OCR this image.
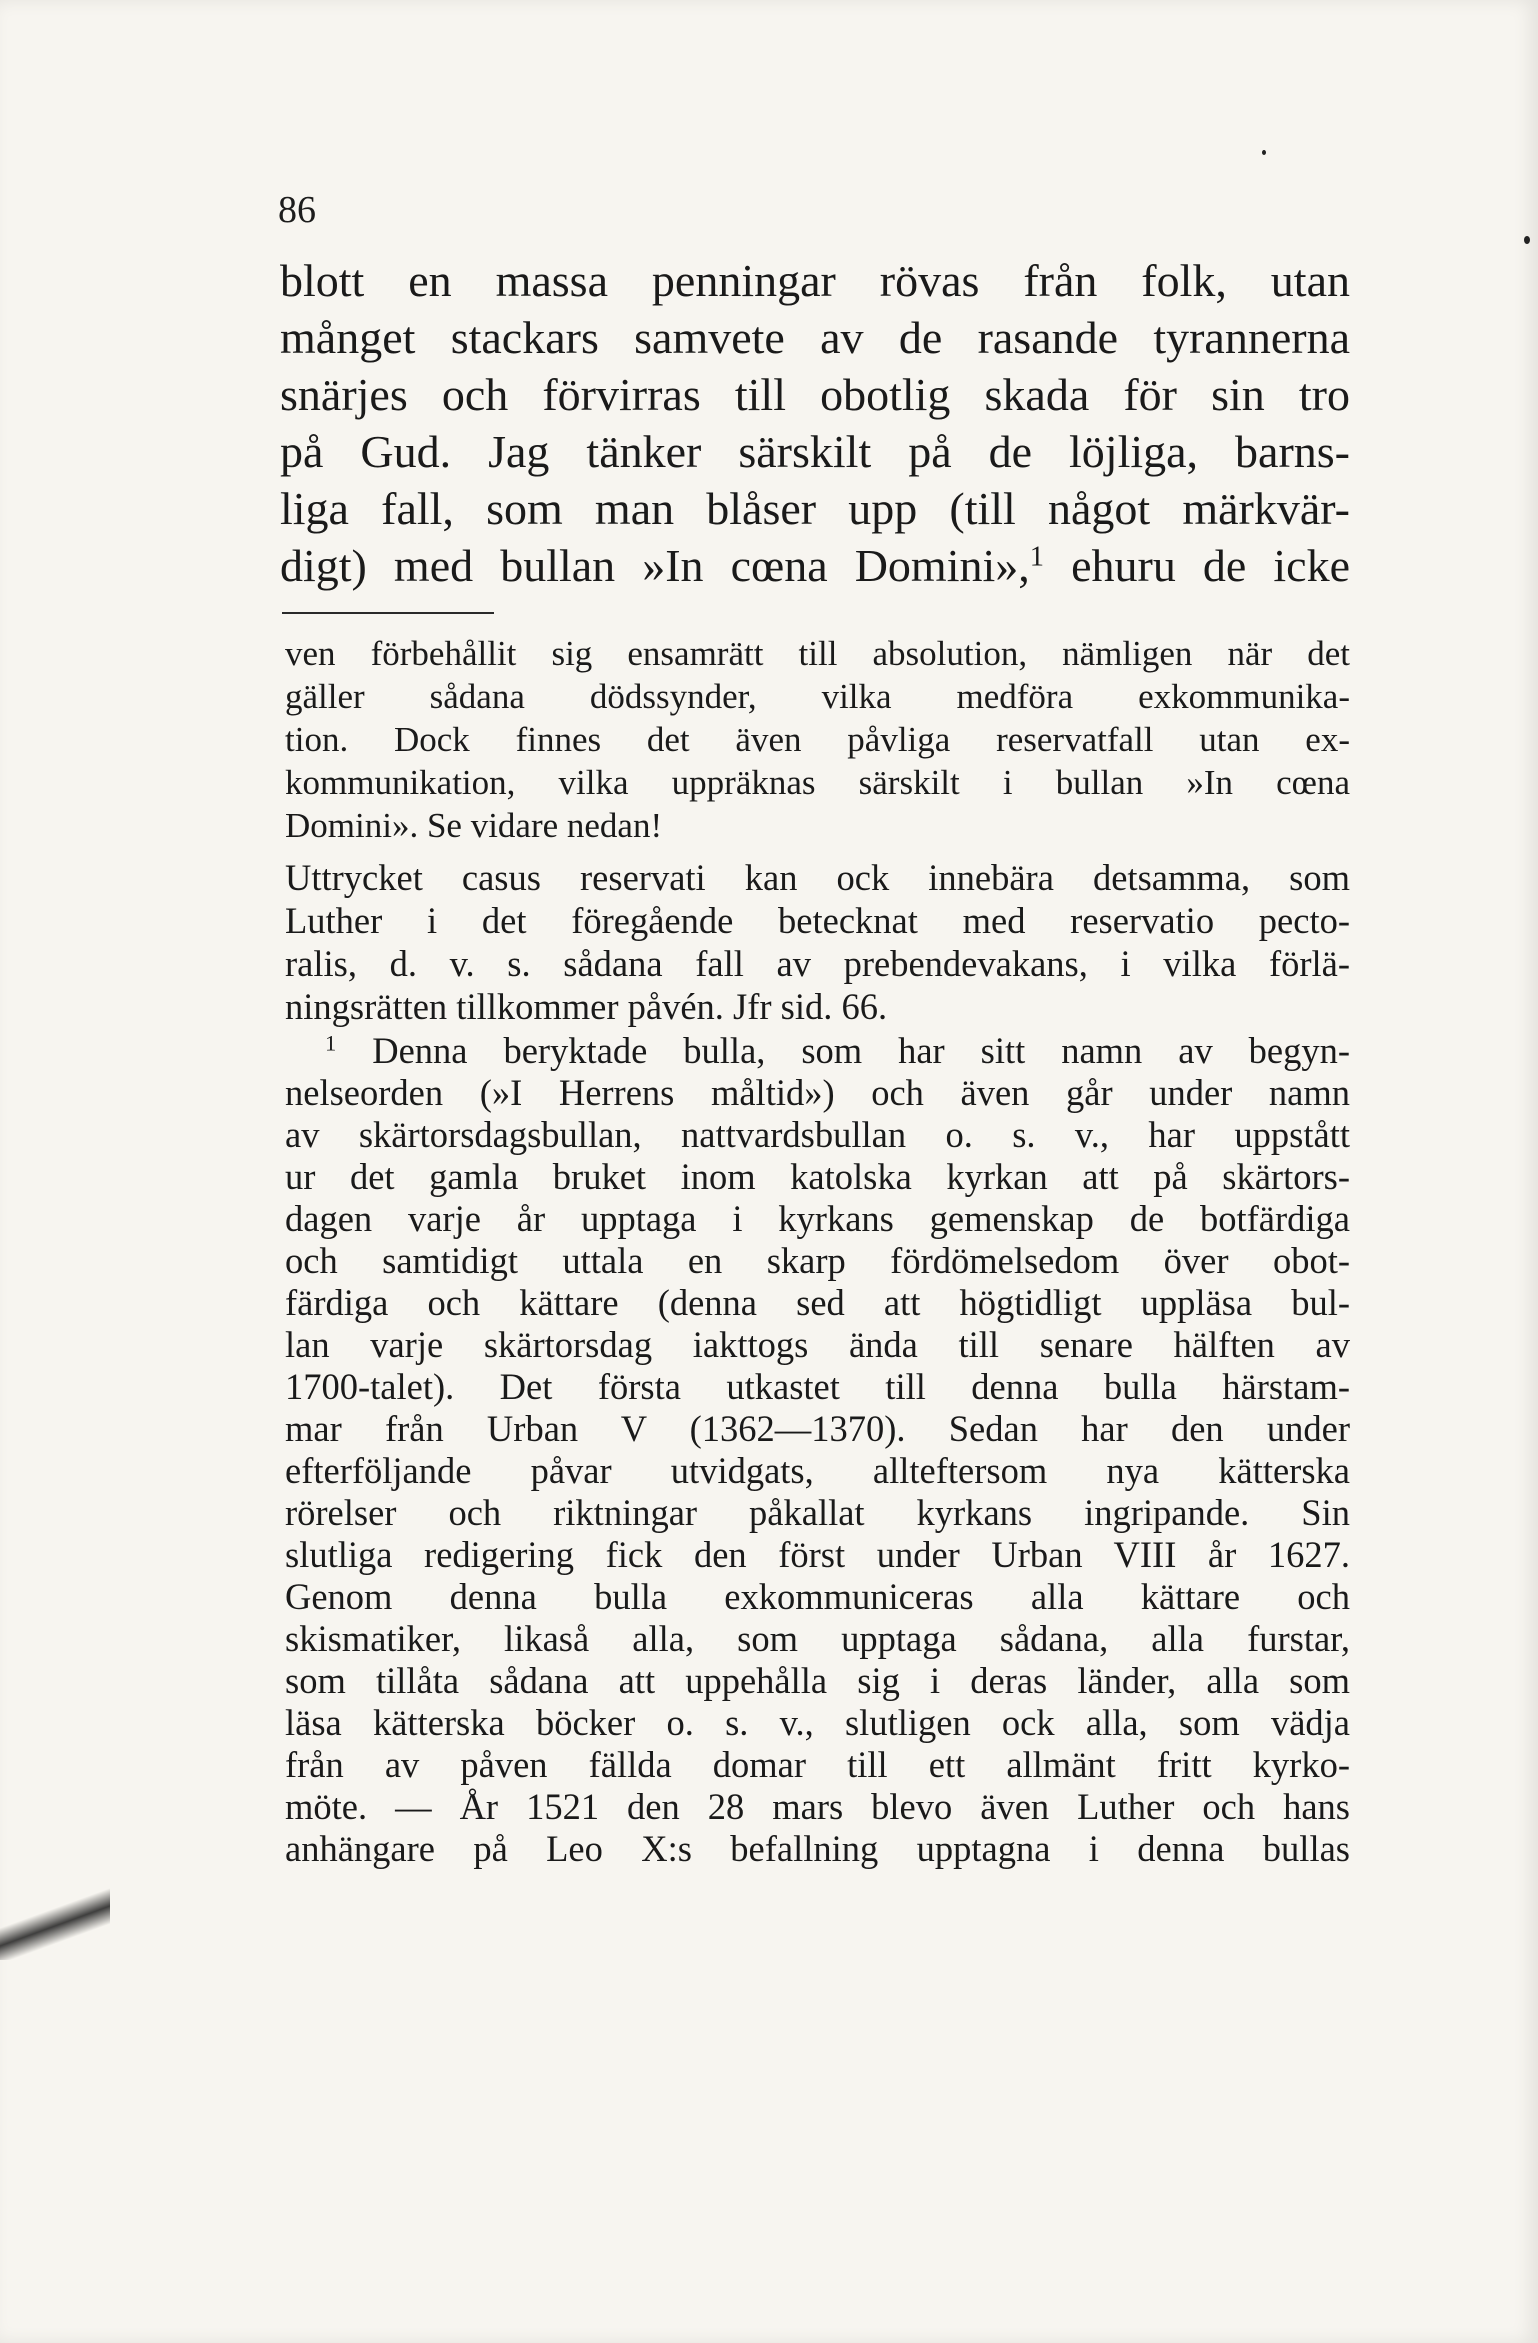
86
blott en massa penningar rövas från folk, utan
månget stackars samvete av de rasande tyrannerna
snärjes och förvirras till obotlig skada för sin tro
på Gud. Jag tänker särskilt på de löjliga, barns-
liga fall, som man blåser upp (till något märkvär-
digt) med bullan »In cœna Domini»,$^1$ ehuru de icke
ven förbehållit sig ensamrätt till absolution, nämligen när det
gäller sådana dödssynder, vilka medföra exkommunika-
tion. Dock finnes det även påvliga reservatfall utan ex-
kommunikation, vilka uppräknas särskilt i bullan »In cœna
Domini». Se vidare nedan!
Uttrycket casus reservati kan ock innebära detsamma, som
Luther i det föregående betecknat med reservatio pecto-
ralis, d. v. s. sådana fall av prebendevakans, i vilka förlä-
ningsrätten tillkommer påvén. Jfr sid. 66.
$^1$ Denna beryktade bulla, som har sitt namn av begyn-
nelseorden (»I Herrens måltid») och även går under namn
av skärtorsdagsbullan, nattvardsbullan o. s. v., har uppstått
ur det gamla bruket inom katolska kyrkan att på skärtors-
dagen varje år upptaga i kyrkans gemenskap de botfärdiga
och samtidigt uttala en skarp fördömelsedom över obot-
färdiga och kättare (denna sed att högtidligt uppläsa bul-
lan varje skärtorsdag iakttogs ända till senare hälften av
1700-talet). Det första utkastet till denna bulla härstam-
mar från Urban V (1362—1370). Sedan har den under
efterföljande påvar utvidgats, allteftersom nya kätterska
rörelser och riktningar påkallat kyrkans ingripande. Sin
slutliga redigering fick den först under Urban VIII år 1627.
Genom denna bulla exkommuniceras alla kättare och
skismatiker, likaså alla, som upptaga sådana, alla furstar,
som tillåta sådana att uppehålla sig i deras länder, alla som
läsa kätterska böcker o. s. v., slutligen ock alla, som vädja
från av påven fällda domar till ett allmänt fritt kyrko-
möte. — År 1521 den 28 mars blevo även Luther och hans
anhängare på Leo X:s befallning upptagna i denna bullas
